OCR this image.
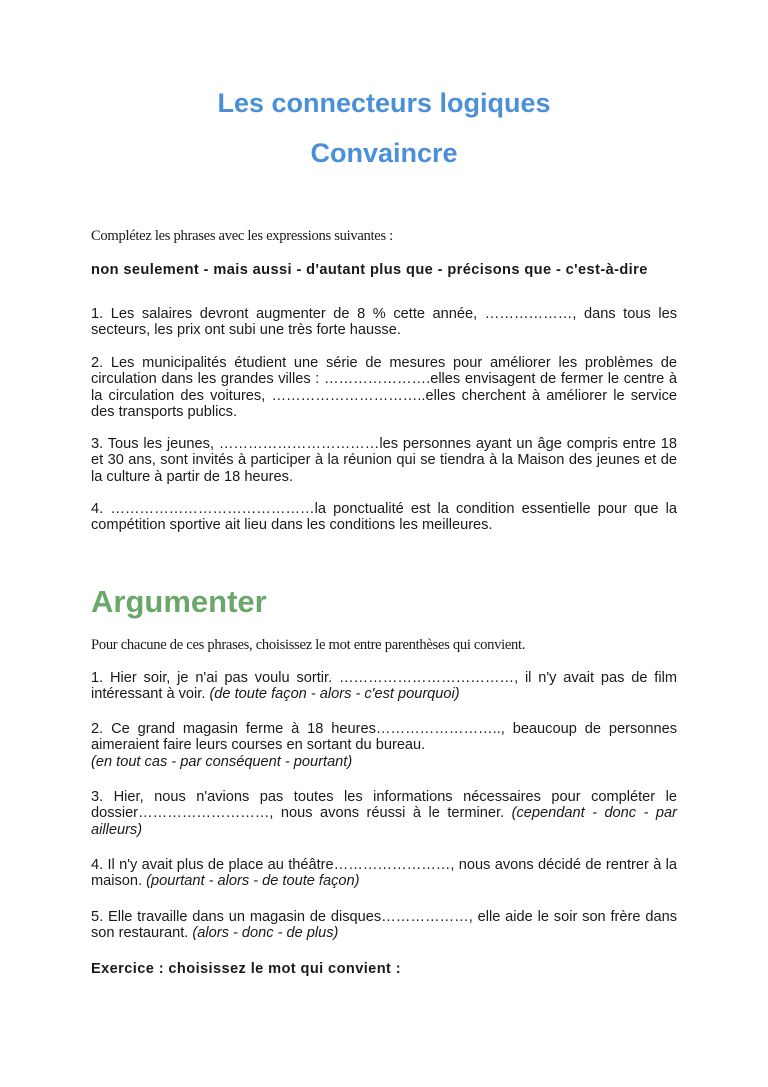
Les connecteurs logiques
Convaincre
Complétez les phrases avec les expressions suivantes :
non seulement - mais aussi - d'autant plus que - précisons que - c'est-à-dire
1. Les salaires devront augmenter de 8 % cette année, ………………, dans tous les secteurs, les prix ont subi une très forte hausse.
2. Les municipalités étudient une série de mesures pour améliorer les problèmes de circulation dans les grandes villes : ………………….elles envisagent de fermer le centre à la circulation des voitures, …………………………..elles cherchent à améliorer le service des transports publics.
3. Tous les jeunes, ……………………………les personnes ayant un âge compris entre 18 et 30 ans, sont invités à participer à la réunion qui se tiendra à la Maison des jeunes et de la culture à partir de 18 heures.
4. ……………………………………la ponctualité est la condition essentielle pour que la compétition sportive ait lieu dans les conditions les meilleures.
Argumenter
Pour chacune de ces phrases, choisissez le mot entre parenthèses qui convient.
1. Hier soir, je n'ai pas voulu sortir. ………………………………, il n'y avait pas de film intéressant à voir. (de toute façon - alors - c'est pourquoi)
2. Ce grand magasin ferme à 18 heures…………………….., beaucoup de personnes aimeraient faire leurs courses en sortant du bureau.
(en tout cas - par conséquent - pourtant)
3. Hier, nous n'avions pas toutes les informations nécessaires pour compléter le dossier………………………, nous avons réussi à le terminer. (cependant - donc - par ailleurs)
4. Il n'y avait plus de place au théâtre……………………, nous avons décidé de rentrer à la maison. (pourtant - alors - de toute façon)
5. Elle travaille dans un magasin de disques………………, elle aide le soir son frère dans son restaurant. (alors - donc - de plus)
Exercice : choisissez le mot qui convient :
